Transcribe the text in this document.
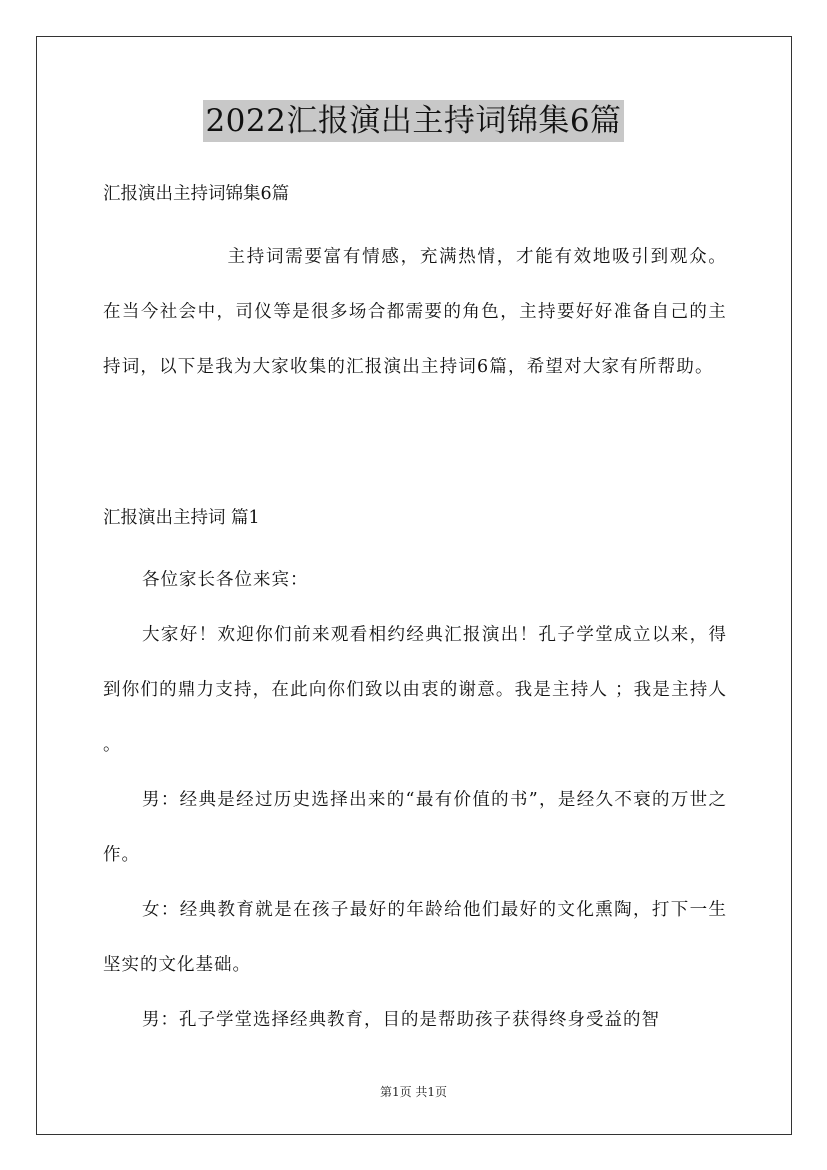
2022汇报演出主持词锦集6篇
汇报演出主持词锦集6篇
主持词需要富有情感，充满热情，才能有效地吸引到观众。在当今社会中，司仪等是很多场合都需要的角色，主持要好好准备自己的主持词，以下是我为大家收集的汇报演出主持词6篇，希望对大家有所帮助。
汇报演出主持词 篇1

各位家长各位来宾：

大家好！欢迎你们前来观看相约经典汇报演出！孔子学堂成立以来，得到你们的鼎力支持，在此向你们致以由衷的谢意。我是主持人 ；我是主持人 。

男：经典是经过历史选择出来的“最有价值的书”，是经久不衰的万世之作。

女：经典教育就是在孩子最好的年龄给他们最好的文化熏陶，打下一生坚实的文化基础。

男：孔子学堂选择经典教育，目的是帮助孩子获得终身受益的智

第1页 共1页
